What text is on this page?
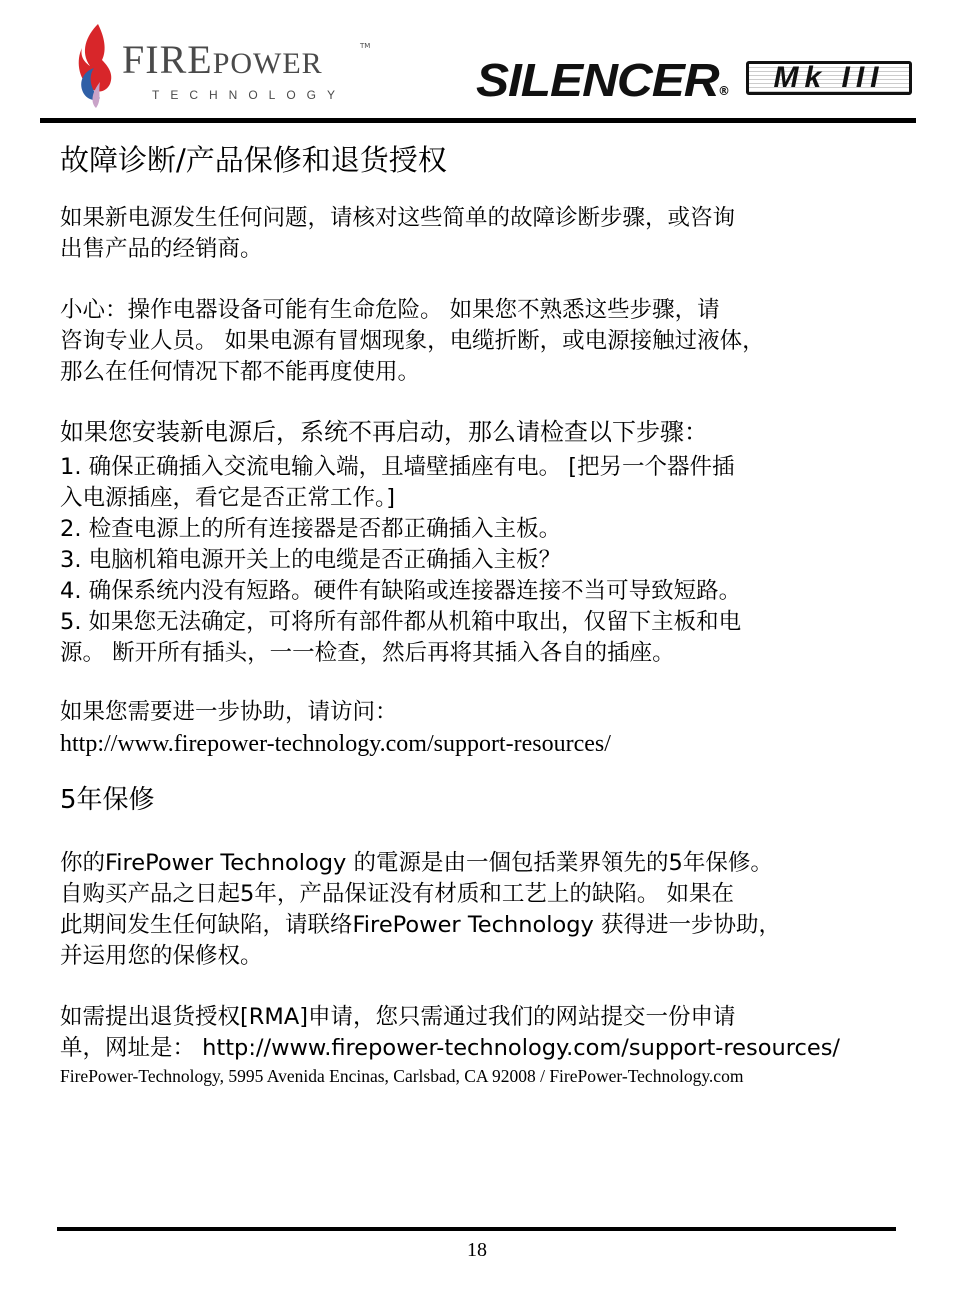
FIREPOWER
TM
TECHNOLOGY	SILENCER ®	Mk III
故障诊断/产品保修和退货授权
如果新电源发生任何问题，请核对这些简单的故障诊断步骤，或咨询
出售产品的经销商。
小心：操作电器设备可能有生命危险。 如果您不熟悉这些步骤，请
咨询专业人员。 如果电源有冒烟现象，电缆折断，或电源接触过液体，
那么在任何情况下都不能再度使用。
如果您安装新电源后，系统不再启动，那么请检查以下步骤：
1. 确保正确插入交流电输入端，且墙壁插座有电。 [把另一个器件插
入电源插座，看它是否正常工作。]
2. 检查电源上的所有连接器是否都正确插入主板。
3. 电脑机箱电源开关上的电缆是否正确插入主板？
4. 确保系统内没有短路。硬件有缺陷或连接器连接不当可导致短路。
5. 如果您无法确定，可将所有部件都从机箱中取出，仅留下主板和电
源。 断开所有插头，一一检查，然后再将其插入各自的插座。
如果您需要进一步协助，请访问：
http://www.firepower-technology.com/support-resources/
5年保修
你的FirePower Technology 的電源是由一個包括業界領先的5年保修。
自购买产品之日起5年，产品保证没有材质和工艺上的缺陷。 如果在
此期间发生任何缺陷，请联络FirePower Technology 获得进一步协助，
并运用您的保修权。
如需提出退货授权[RMA]申请，您只需通过我们的网站提交一份申请
单，网址是： http://www.firepower-technology.com/support-resources/
FirePower-Technology, 5995 Avenida Encinas, Carlsbad, CA 92008 / FirePower-Technology.com
18
